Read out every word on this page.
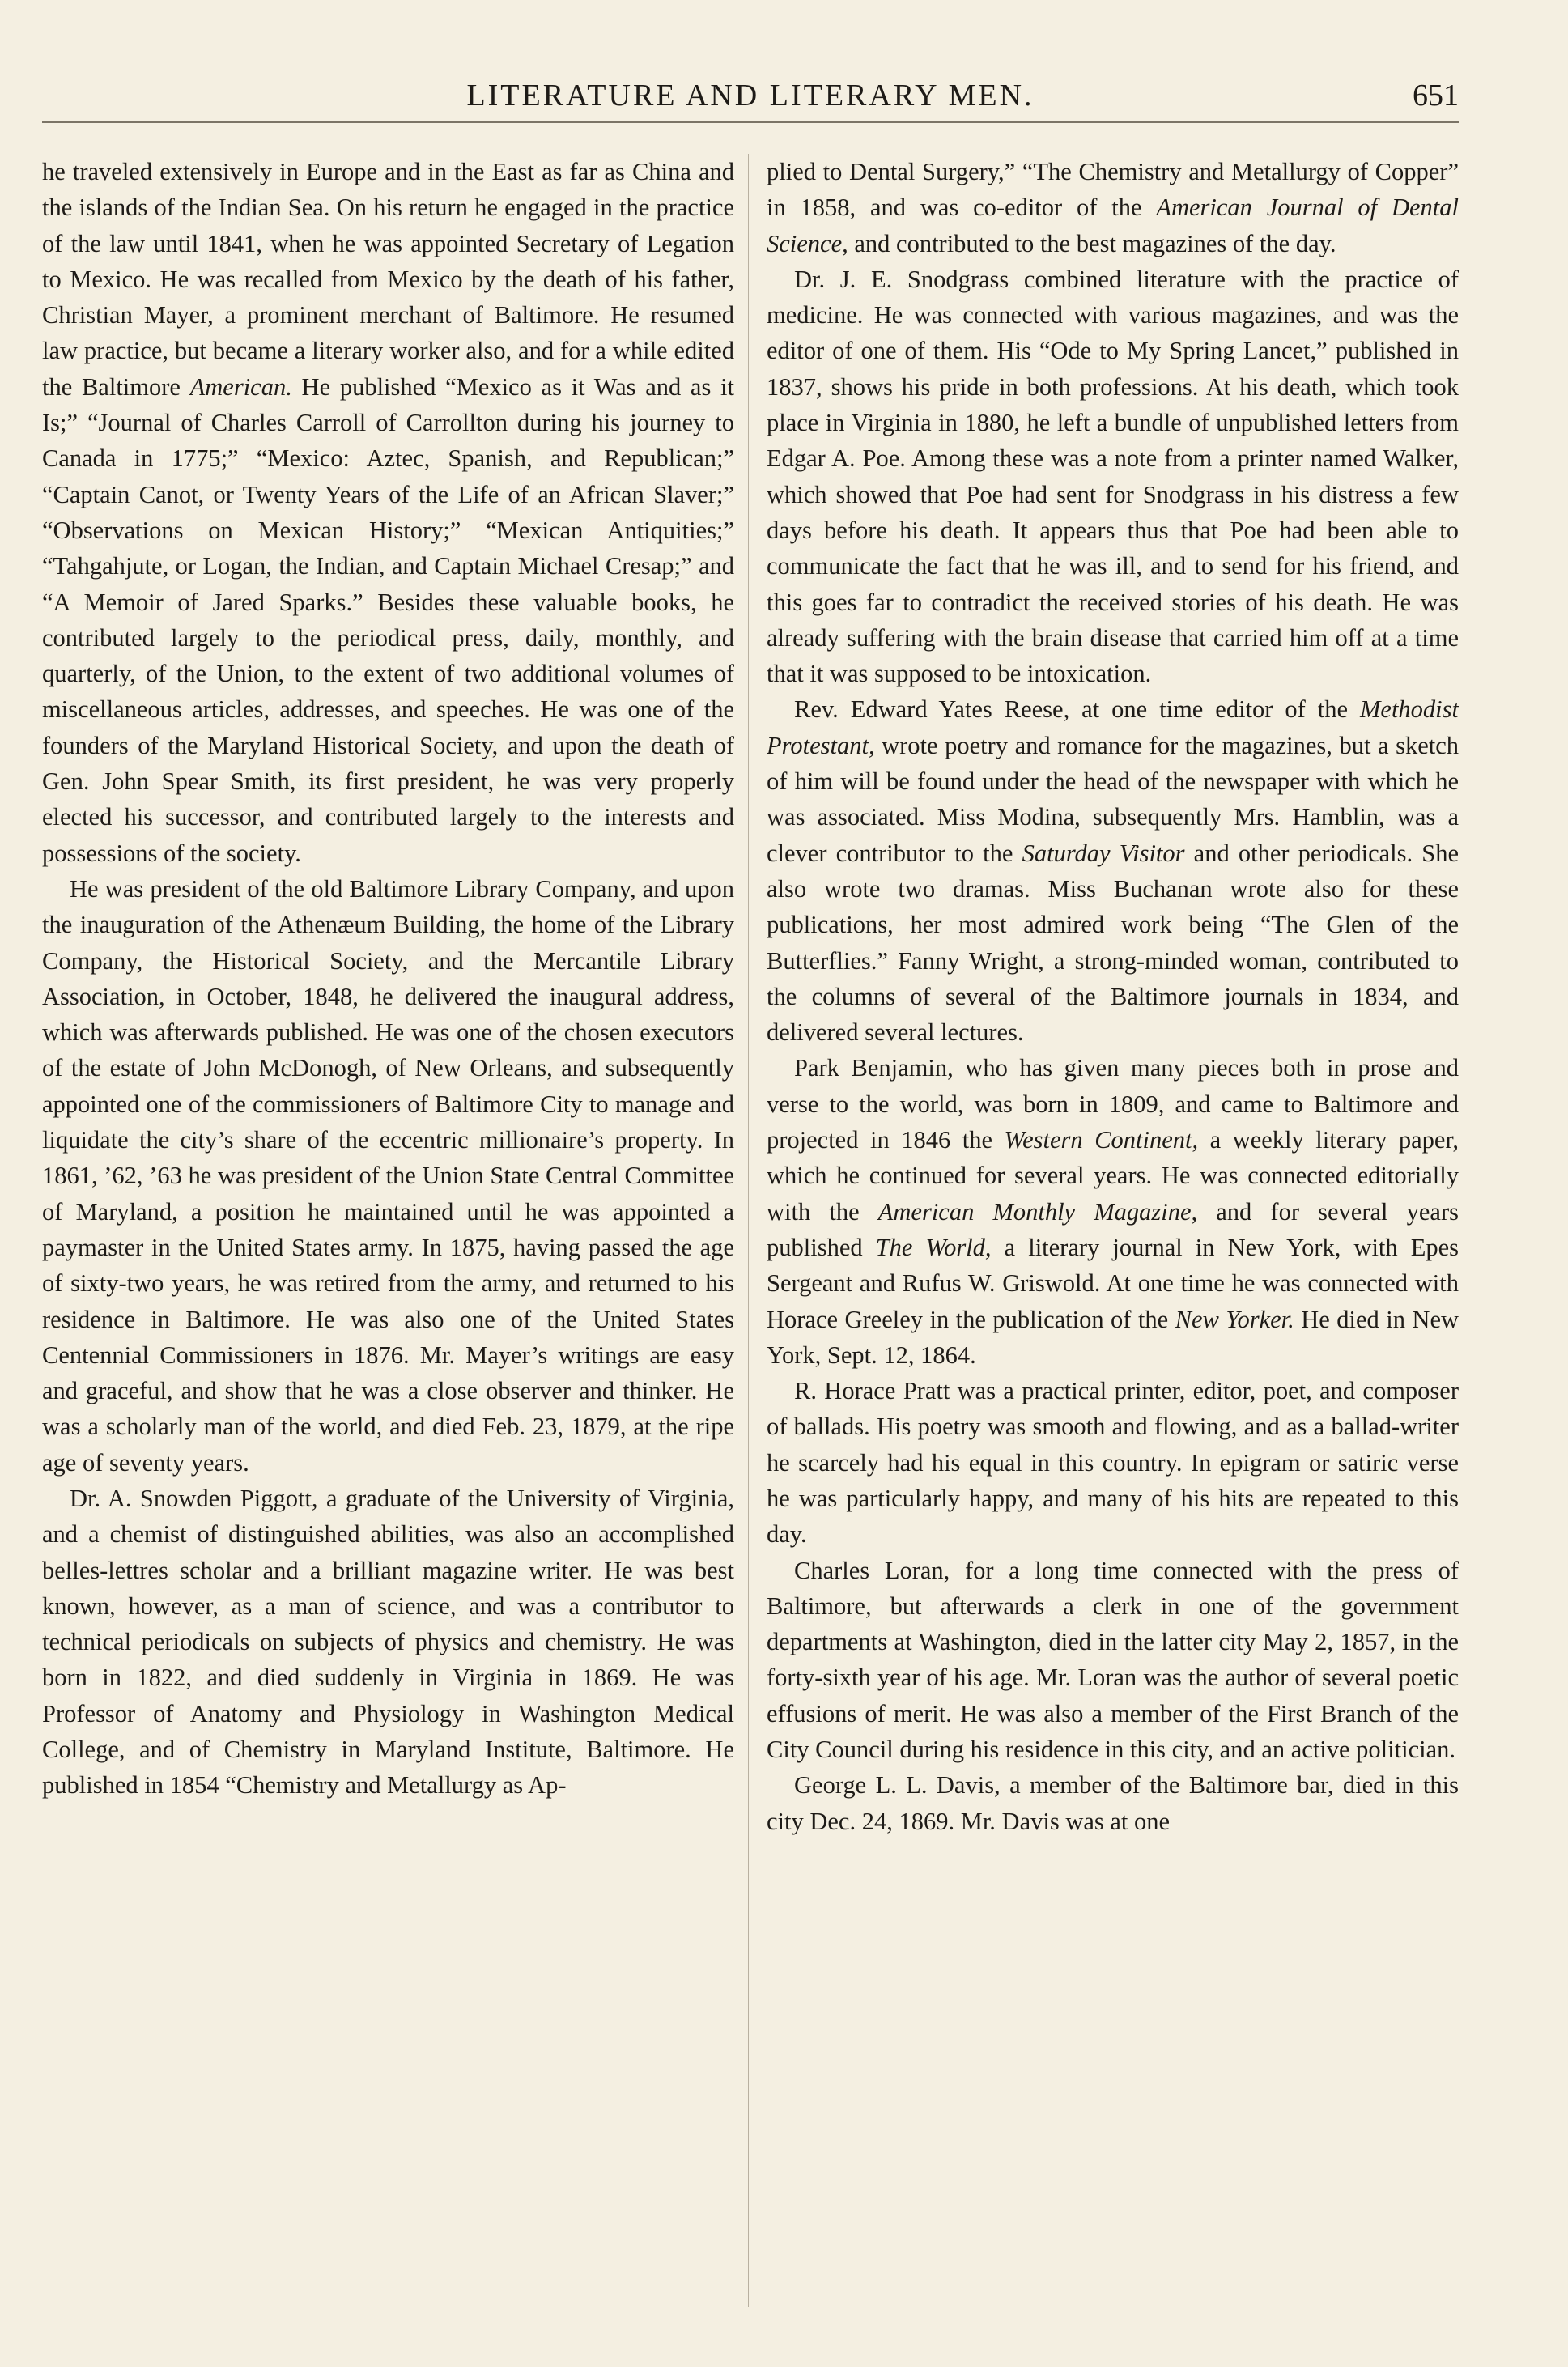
LITERATURE AND LITERARY MEN.	651

he traveled extensively in Europe and in the East as far as China and the islands of the Indian Sea. On his return he engaged in the practice of the law until 1841, when he was appointed Secretary of Legation to Mexico. He was recalled from Mexico by the death of his father, Christian Mayer, a prominent merchant of Baltimore. He resumed law practice, but became a literary worker also, and for a while edited the Baltimore American. He published “Mexico as it Was and as it Is;” “Journal of Charles Carroll of Carrollton during his journey to Canada in 1775;” “Mexico: Aztec, Spanish, and Republican;” “Captain Canot, or Twenty Years of the Life of an African Slaver;” “Observations on Mexican History;” “Mexican Antiquities;” “Tahgahjute, or Logan, the Indian, and Captain Michael Cresap;” and “A Memoir of Jared Sparks.” Besides these valuable books, he contributed largely to the periodical press, daily, monthly, and quarterly, of the Union, to the extent of two additional volumes of miscellaneous articles, addresses, and speeches. He was one of the founders of the Maryland Historical Society, and upon the death of Gen. John Spear Smith, its first president, he was very properly elected his successor, and contributed largely to the interests and possessions of the society.

He was president of the old Baltimore Library Company, and upon the inauguration of the Athenæum Building, the home of the Library Company, the Historical Society, and the Mercantile Library Association, in October, 1848, he delivered the inaugural address, which was afterwards published. He was one of the chosen executors of the estate of John McDonogh, of New Orleans, and subsequently appointed one of the commissioners of Baltimore City to manage and liquidate the city’s share of the eccentric millionaire’s property. In 1861, ’62, ’63 he was president of the Union State Central Committee of Maryland, a position he maintained until he was appointed a paymaster in the United States army. In 1875, having passed the age of sixty-two years, he was retired from the army, and returned to his residence in Baltimore. He was also one of the United States Centennial Commissioners in 1876. Mr. Mayer’s writings are easy and graceful, and show that he was a close observer and thinker. He was a scholarly man of the world, and died Feb. 23, 1879, at the ripe age of seventy years.

Dr. A. Snowden Piggott, a graduate of the University of Virginia, and a chemist of distinguished abilities, was also an accomplished belles-lettres scholar and a brilliant magazine writer. He was best known, however, as a man of science, and was a contributor to technical periodicals on subjects of physics and chemistry. He was born in 1822, and died suddenly in Virginia in 1869. He was Professor of Anatomy and Physiology in Washington Medical College, and of Chemistry in Maryland Institute, Baltimore. He published in 1854 “Chemistry and Metallurgy as Ap-

plied to Dental Surgery,” “The Chemistry and Metallurgy of Copper” in 1858, and was co-editor of the American Journal of Dental Science, and contributed to the best magazines of the day.

Dr. J. E. Snodgrass combined literature with the practice of medicine. He was connected with various magazines, and was the editor of one of them. His “Ode to My Spring Lancet,” published in 1837, shows his pride in both professions. At his death, which took place in Virginia in 1880, he left a bundle of unpublished letters from Edgar A. Poe. Among these was a note from a printer named Walker, which showed that Poe had sent for Snodgrass in his distress a few days before his death. It appears thus that Poe had been able to communicate the fact that he was ill, and to send for his friend, and this goes far to contradict the received stories of his death. He was already suffering with the brain disease that carried him off at a time that it was supposed to be intoxication.

Rev. Edward Yates Reese, at one time editor of the Methodist Protestant, wrote poetry and romance for the magazines, but a sketch of him will be found under the head of the newspaper with which he was associated. Miss Modina, subsequently Mrs. Hamblin, was a clever contributor to the Saturday Visitor and other periodicals. She also wrote two dramas. Miss Buchanan wrote also for these publications, her most admired work being “The Glen of the Butterflies.” Fanny Wright, a strong-minded woman, contributed to the columns of several of the Baltimore journals in 1834, and delivered several lectures.

Park Benjamin, who has given many pieces both in prose and verse to the world, was born in 1809, and came to Baltimore and projected in 1846 the Western Continent, a weekly literary paper, which he continued for several years. He was connected editorially with the American Monthly Magazine, and for several years published The World, a literary journal in New York, with Epes Sergeant and Rufus W. Griswold. At one time he was connected with Horace Greeley in the publication of the New Yorker. He died in New York, Sept. 12, 1864.

R. Horace Pratt was a practical printer, editor, poet, and composer of ballads. His poetry was smooth and flowing, and as a ballad-writer he scarcely had his equal in this country. In epigram or satiric verse he was particularly happy, and many of his hits are repeated to this day.

Charles Loran, for a long time connected with the press of Baltimore, but afterwards a clerk in one of the government departments at Washington, died in the latter city May 2, 1857, in the forty-sixth year of his age. Mr. Loran was the author of several poetic effusions of merit. He was also a member of the First Branch of the City Council during his residence in this city, and an active politician.

George L. L. Davis, a member of the Baltimore bar, died in this city Dec. 24, 1869. Mr. Davis was at one
